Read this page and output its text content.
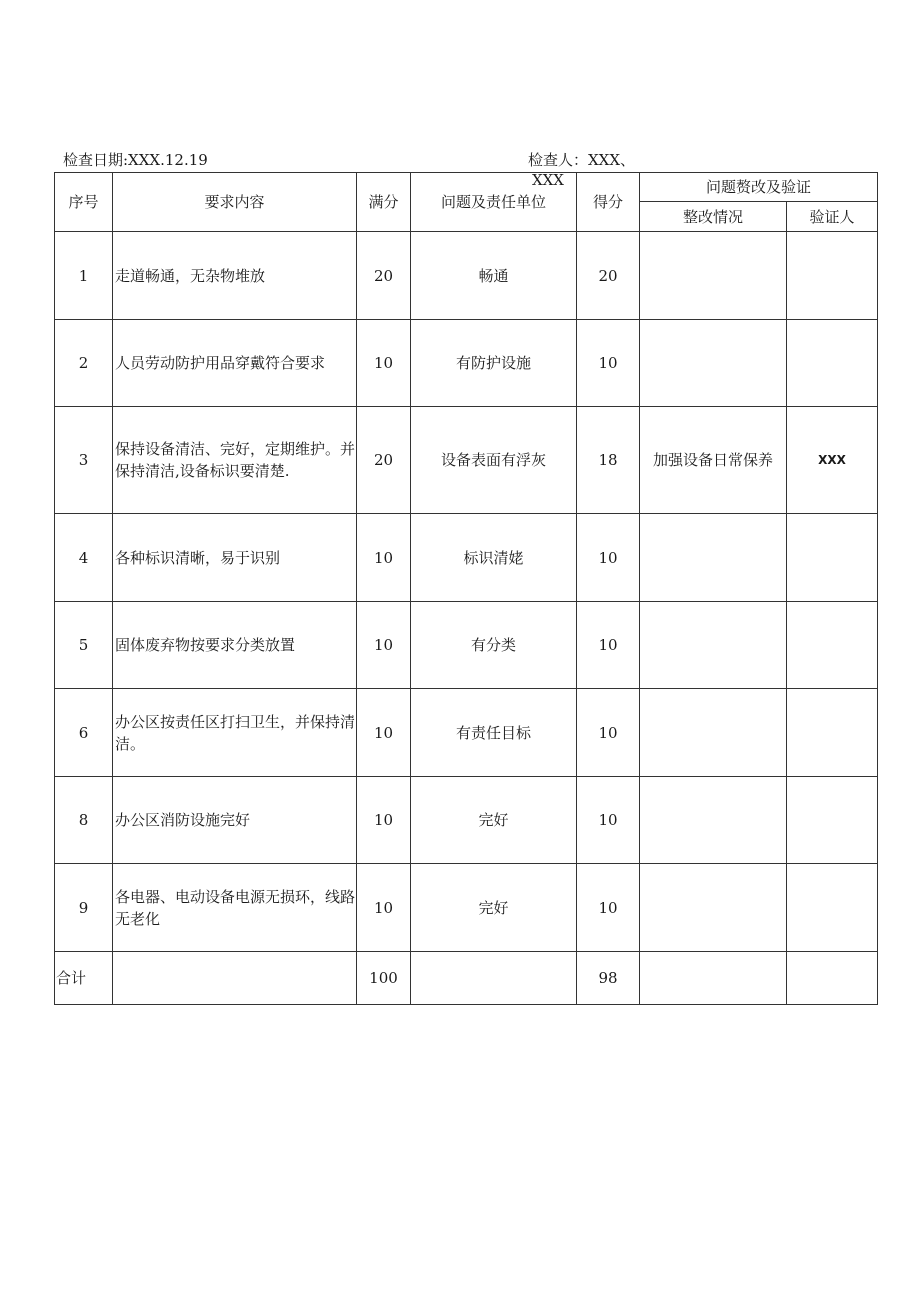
检查日期:XXX.12.19	检查人：XXX、
XXX
序号	要求内容	满分	问题及责任单位	得分	问题赘改及验证	
					整改情况	验证人
1	走道畅通，无杂物堆放	20	畅通	20		
2	人员劳动防护用品穿戴符合要求	10	有防护设施	10		
3	保持设备清洁、完好，定期维护。并保持清洁,设备标识要清楚.	20	设备表面有浮灰	18	加强设备日常保养	XXX
4	各种标识清晰，易于识别	10	标识清姥	10		
5	固体废弃物按要求分类放置	10	有分类	10		
6	办公区按责任区打扫卫生，并保持清洁。	10	有责任目标	10		
8	办公区消防设施完好	10	完好	10		
9	各电器、电动设备电源无损环，线路无老化	10	完好	10		
合计		100		98		
